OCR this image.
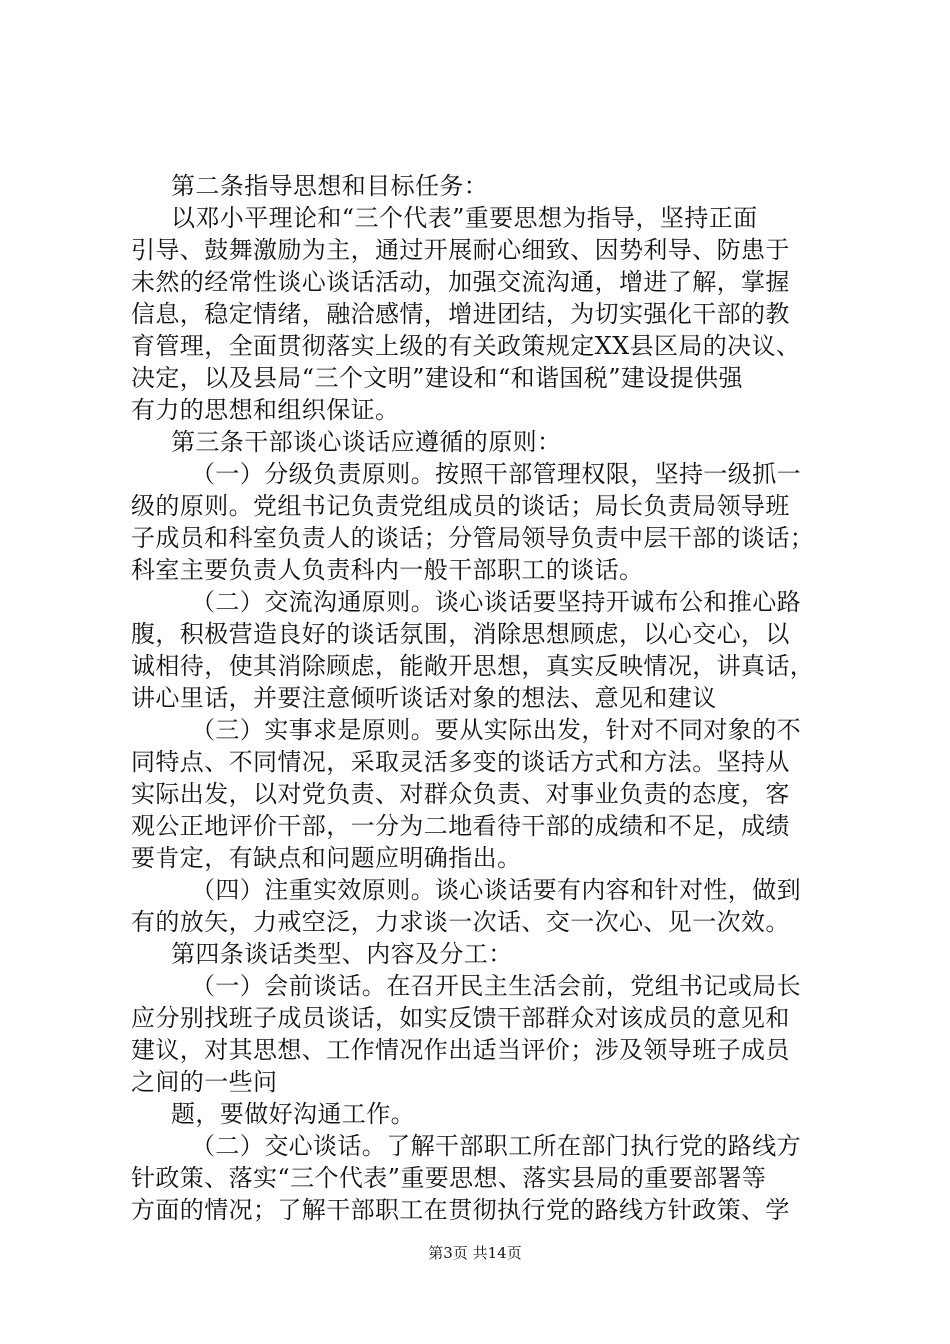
第二条指导思想和目标任务：
以邓小平理论和“三个代表”重要思想为指导，坚持正面
引导、鼓舞激励为主，通过开展耐心细致、因势利导、防患于
未然的经常性谈心谈话活动，加强交流沟通，增进了解，掌握
信息，稳定情绪，融洽感情，增进团结，为切实强化干部的教
育管理，全面贯彻落实上级的有关政策规定XX县区局的决议、
决定，以及县局“三个文明”建设和“和谐国税”建设提供强
有力的思想和组织保证。
第三条干部谈心谈话应遵循的原则：
（一）分级负责原则。按照干部管理权限，坚持一级抓一
级的原则。党组书记负责党组成员的谈话；局长负责局领导班
子成员和科室负责人的谈话；分管局领导负责中层干部的谈话；
科室主要负责人负责科内一般干部职工的谈话。
（二）交流沟通原则。谈心谈话要坚持开诚布公和推心路
腹，积极营造良好的谈话氛围，消除思想顾虑，以心交心，以
诚相待，使其消除顾虑，能敞开思想，真实反映情况，讲真话，
讲心里话，并要注意倾听谈话对象的想法、意见和建议
（三）实事求是原则。要从实际出发，针对不同对象的不
同特点、不同情况，采取灵活多变的谈话方式和方法。坚持从
实际出发，以对党负责、对群众负责、对事业负责的态度，客
观公正地评价干部，一分为二地看待干部的成绩和不足，成绩
要肯定，有缺点和问题应明确指出。
（四）注重实效原则。谈心谈话要有内容和针对性，做到
有的放矢，力戒空泛，力求谈一次话、交一次心、见一次效。
第四条谈话类型、内容及分工：
（一）会前谈话。在召开民主生活会前，党组书记或局长
应分别找班子成员谈话，如实反馈干部群众对该成员的意见和
建议，对其思想、工作情况作出适当评价；涉及领导班子成员
之间的一些问
题，要做好沟通工作。
（二）交心谈话。了解干部职工所在部门执行党的路线方
针政策、落实“三个代表”重要思想、落实县局的重要部署等
方面的情况；了解干部职工在贯彻执行党的路线方针政策、学
第3页 共14页
